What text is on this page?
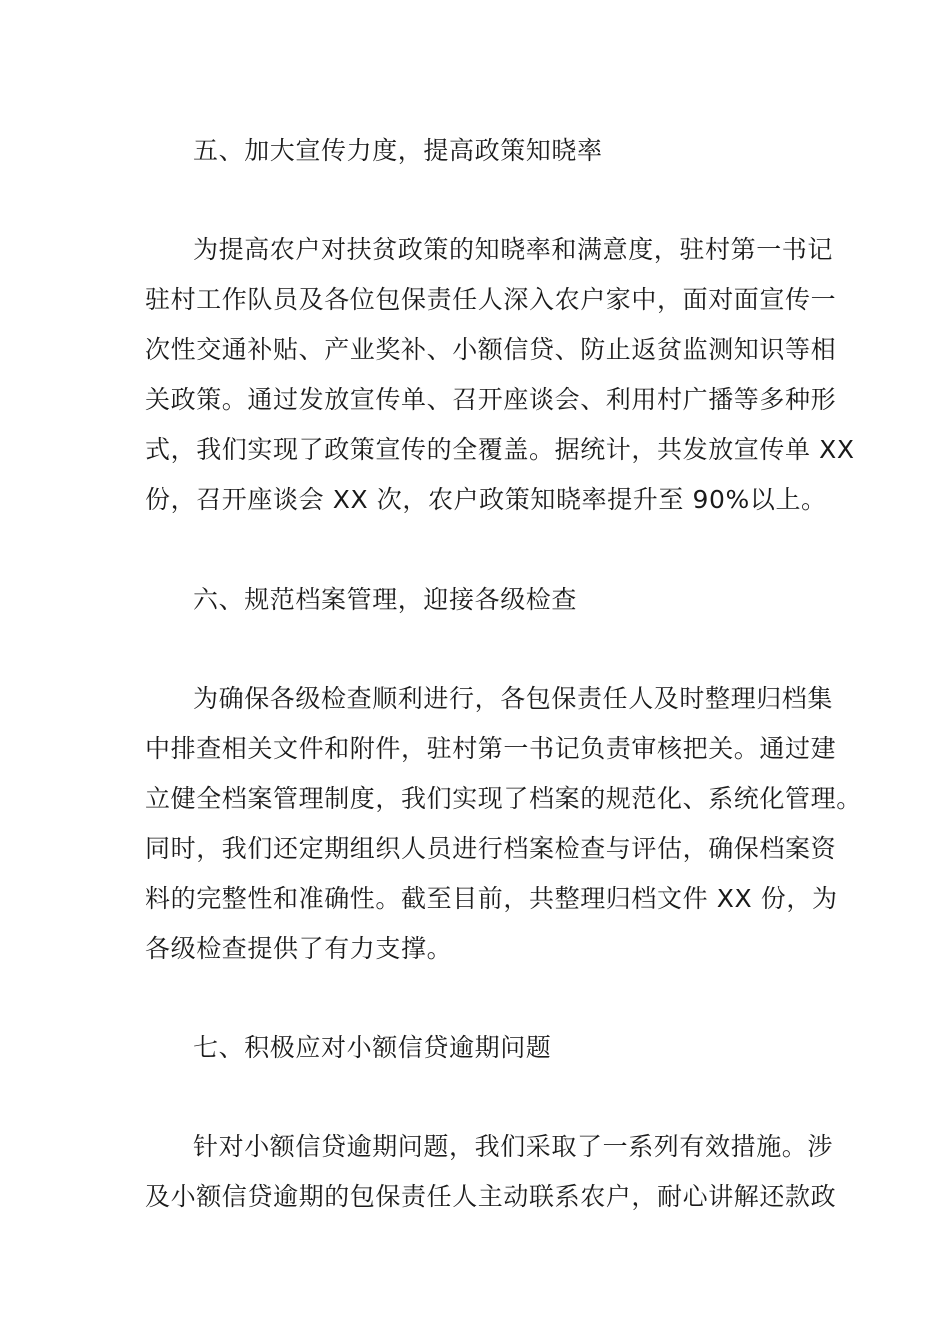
五、加大宣传力度，提高政策知晓率
为提高农户对扶贫政策的知晓率和满意度，驻村第一书记
驻村工作队员及各位包保责任人深入农户家中，面对面宣传一
次性交通补贴、产业奖补、小额信贷、防止返贫监测知识等相
关政策。通过发放宣传单、召开座谈会、利用村广播等多种形
式，我们实现了政策宣传的全覆盖。据统计，共发放宣传单 XX
份，召开座谈会 XX 次，农户政策知晓率提升至 90%以上。
六、规范档案管理，迎接各级检查
为确保各级检查顺利进行，各包保责任人及时整理归档集
中排查相关文件和附件，驻村第一书记负责审核把关。通过建
立健全档案管理制度，我们实现了档案的规范化、系统化管理。
同时，我们还定期组织人员进行档案检查与评估，确保档案资
料的完整性和准确性。截至目前，共整理归档文件 XX 份，为
各级检查提供了有力支撑。
七、积极应对小额信贷逾期问题
针对小额信贷逾期问题，我们采取了一系列有效措施。涉
及小额信贷逾期的包保责任人主动联系农户，耐心讲解还款政
